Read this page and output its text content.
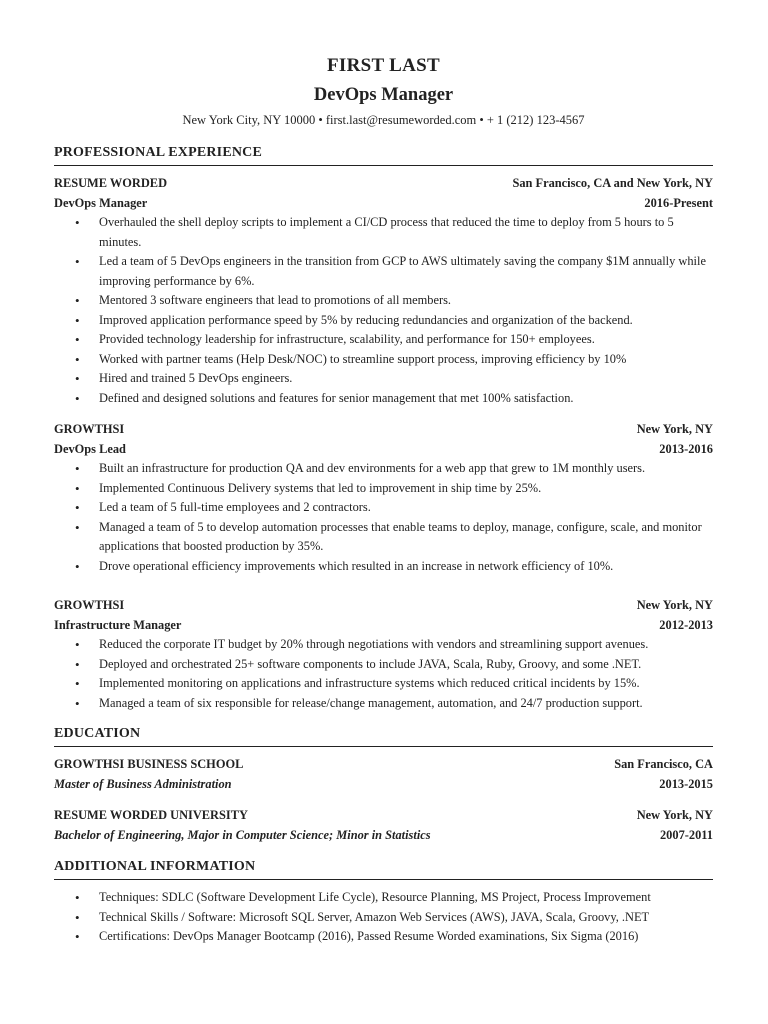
FIRST LAST
DevOps Manager
New York City, NY 10000 • first.last@resumeworded.com • + 1 (212) 123-4567
PROFESSIONAL EXPERIENCE
RESUME WORDED	San Francisco, CA and New York, NY
DevOps Manager	2016-Present
• Overhauled the shell deploy scripts to implement a CI/CD process that reduced the time to deploy from 5 hours to 5 minutes.
• Led a team of 5 DevOps engineers in the transition from GCP to AWS ultimately saving the company $1M annually while improving performance by 6%.
• Mentored 3 software engineers that lead to promotions of all members.
• Improved application performance speed by 5% by reducing redundancies and organization of the backend.
• Provided technology leadership for infrastructure, scalability, and performance for 150+ employees.
• Worked with partner teams (Help Desk/NOC) to streamline support process, improving efficiency by 10%
• Hired and trained 5 DevOps engineers.
• Defined and designed solutions and features for senior management that met 100% satisfaction.
GROWTHSI	New York, NY
DevOps Lead	2013-2016
• Built an infrastructure for production QA and dev environments for a web app that grew to 1M monthly users.
• Implemented Continuous Delivery systems that led to improvement in ship time by 25%.
• Led a team of 5 full-time employees and 2 contractors.
• Managed a team of 5 to develop automation processes that enable teams to deploy, manage, configure, scale, and monitor applications that boosted production by 35%.
• Drove operational efficiency improvements which resulted in an increase in network efficiency of 10%.
GROWTHSI	New York, NY
Infrastructure Manager	2012-2013
• Reduced the corporate IT budget by 20% through negotiations with vendors and streamlining support avenues.
• Deployed and orchestrated 25+ software components to include JAVA, Scala, Ruby, Groovy, and some .NET.
• Implemented monitoring on applications and infrastructure systems which reduced critical incidents by 15%.
• Managed a team of six responsible for release/change management, automation, and 24/7 production support.
EDUCATION
GROWTHSI BUSINESS SCHOOL	San Francisco, CA
Master of Business Administration	2013-2015
RESUME WORDED UNIVERSITY	New York, NY
Bachelor of Engineering, Major in Computer Science; Minor in Statistics	2007-2011
ADDITIONAL INFORMATION
• Techniques: SDLC (Software Development Life Cycle), Resource Planning, MS Project, Process Improvement
• Technical Skills / Software: Microsoft SQL Server, Amazon Web Services (AWS), JAVA, Scala, Groovy, .NET
• Certifications: DevOps Manager Bootcamp (2016), Passed Resume Worded examinations, Six Sigma (2016)
